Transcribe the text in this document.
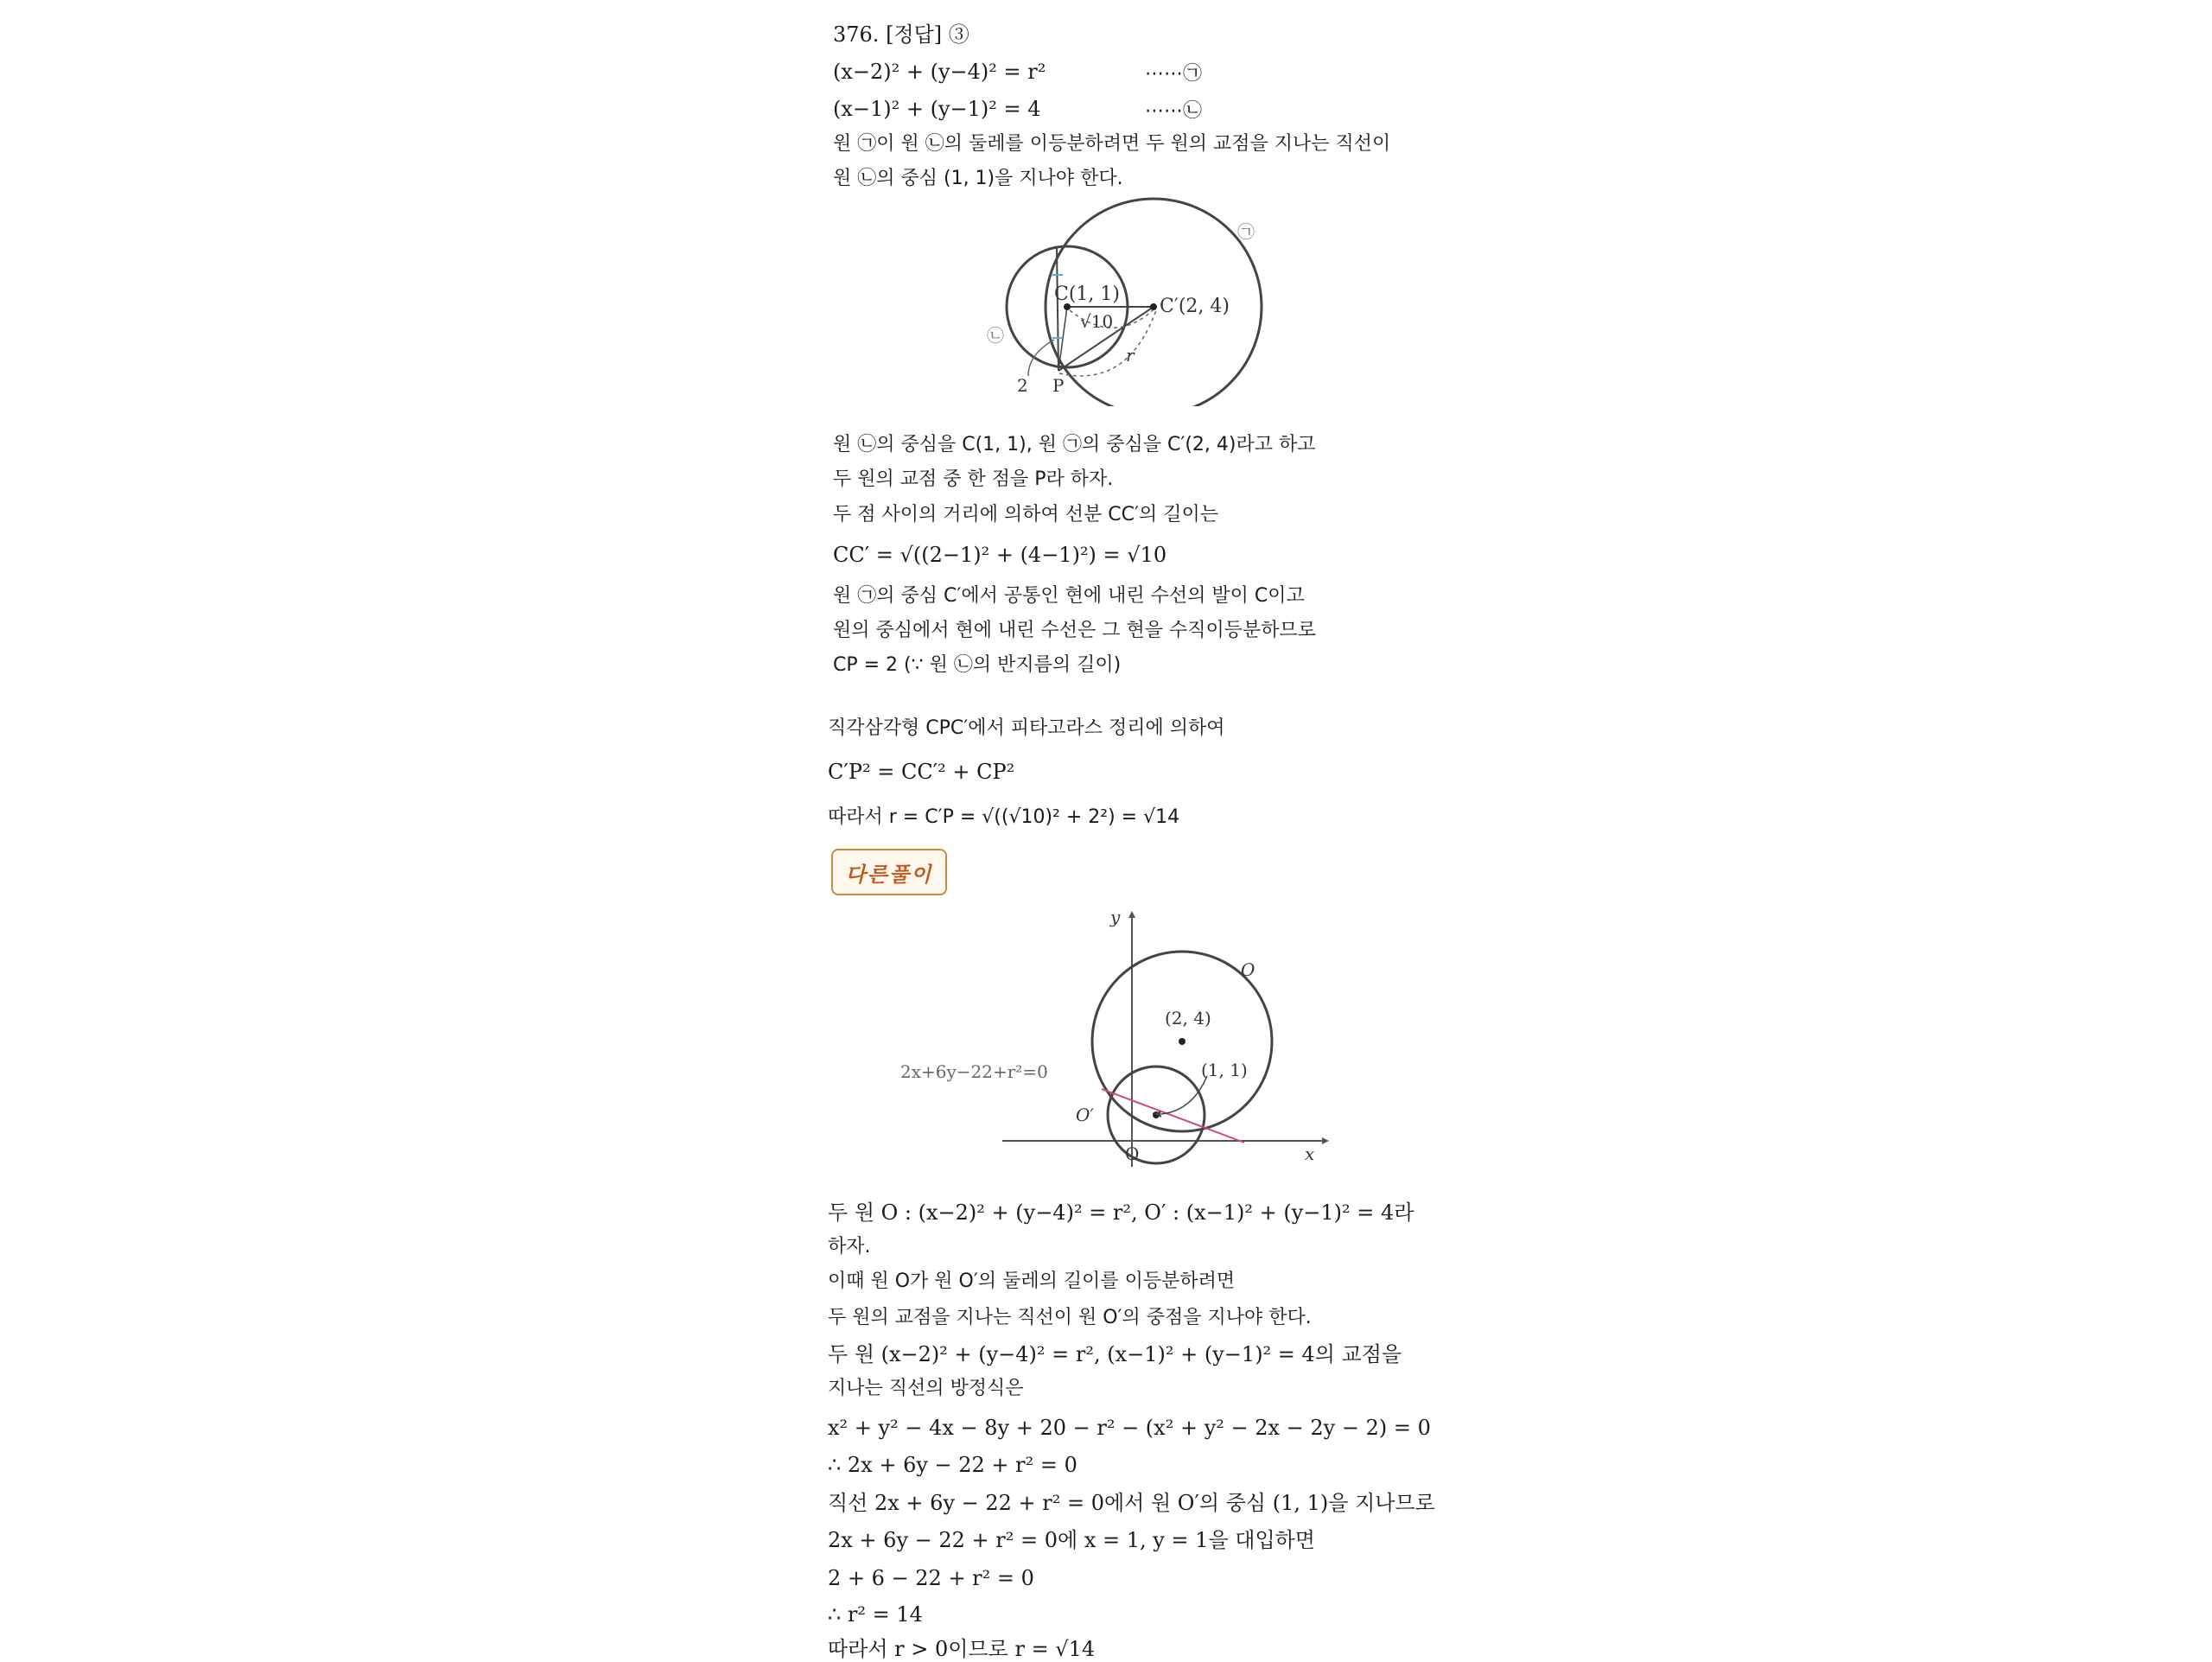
376. [정답] ③
(x−2)² + (y−4)² = r²	⋯⋯㉠
(x−1)² + (y−1)² = 4	⋯⋯㉡
원 ㉠이 원 ㉡의 둘레를 이등분하려면 두 원의 교점을 지나는 직선이
원 ㉡의 중심 (1, 1)을 지나야 한다.
C(1, 1)
C′(2, 4)
√10
P
2
r
㉠
㉡
원 ㉡의 중심을 C(1, 1), 원 ㉠의 중심을 C′(2, 4)라고 하고
두 원의 교점 중 한 점을 P라 하자.
두 점 사이의 거리에 의하여 선분 CC′의 길이는
CC′ = √((2−1)² + (4−1)²) = √10
원 ㉠의 중심 C′에서 공통인 현에 내린 수선의 발이 C이고
원의 중심에서 현에 내린 수선은 그 현을 수직이등분하므로
CP = 2 (∵ 원 ㉡의 반지름의 길이)
직각삼각형 CPC′에서 피타고라스 정리에 의하여
C′P² = CC′² + CP²
따라서 r = C′P = √((√10)² + 2²) = √14
다른풀이
y
x
O
O
O′
(2, 4)
(1, 1)
2x+6y−22+r²=0
두 원 O : (x−2)² + (y−4)² = r², O′ : (x−1)² + (y−1)² = 4라
하자.
이때 원 O가 원 O′의 둘레의 길이를 이등분하려면
두 원의 교점을 지나는 직선이 원 O′의 중점을 지나야 한다.
두 원 (x−2)² + (y−4)² = r², (x−1)² + (y−1)² = 4의 교점을
지나는 직선의 방정식은
x² + y² − 4x − 8y + 20 − r² − (x² + y² − 2x − 2y − 2) = 0
∴ 2x + 6y − 22 + r² = 0
직선 2x + 6y − 22 + r² = 0에서 원 O′의 중심 (1, 1)을 지나므로
2x + 6y − 22 + r² = 0에 x = 1, y = 1을 대입하면
2 + 6 − 22 + r² = 0
∴ r² = 14
따라서 r > 0이므로 r = √14
